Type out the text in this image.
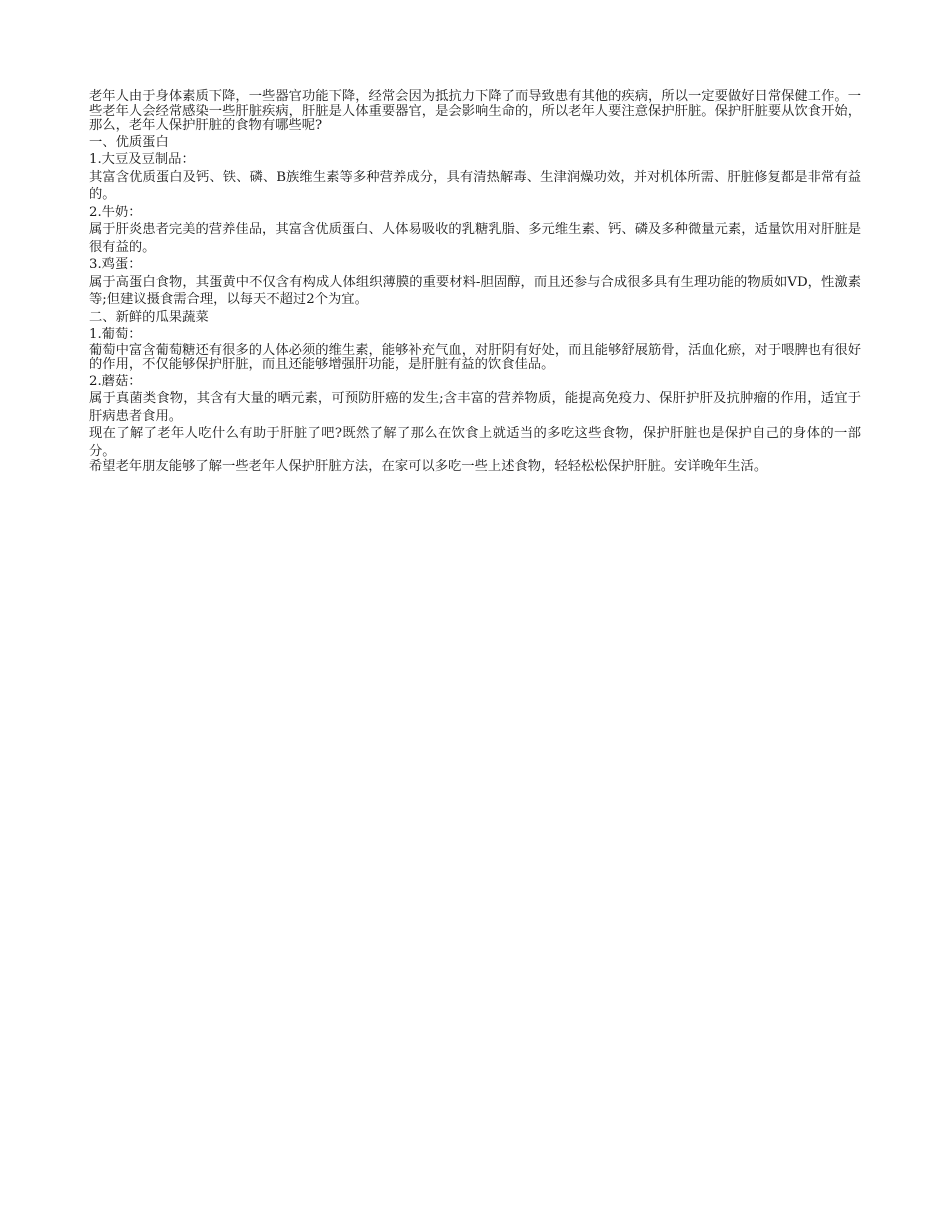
老年人由于身体素质下降，一些器官功能下降，经常会因为抵抗力下降了而导致患有其他的疾病，所以一定要做好日常保健工作。一些老年人会经常感染一些肝脏疾病，肝脏是人体重要器官，是会影响生命的，所以老年人要注意保护肝脏。保护肝脏要从饮食开始，那么，老年人保护肝脏的食物有哪些呢?

一、优质蛋白

1.大豆及豆制品：

其富含优质蛋白及钙、铁、磷、B族维生素等多种营养成分，具有清热解毒、生津润燥功效，并对机体所需、肝脏修复都是非常有益的。

2.牛奶：

属于肝炎患者完美的营养佳品，其富含优质蛋白、人体易吸收的乳糖乳脂、多元维生素、钙、磷及多种微量元素，适量饮用对肝脏是很有益的。

3.鸡蛋：

属于高蛋白食物，其蛋黄中不仅含有构成人体组织薄膜的重要材料-胆固醇，而且还参与合成很多具有生理功能的物质如VD，性激素等;但建议摄食需合理，以每天不超过2个为宜。

二、新鲜的瓜果蔬菜

1.葡萄：

葡萄中富含葡萄糖还有很多的人体必须的维生素，能够补充气血，对肝阴有好处，而且能够舒展筋骨，活血化瘀，对于喂脾也有很好的作用，不仅能够保护肝脏，而且还能够增强肝功能，是肝脏有益的饮食佳品。

2.蘑菇：

属于真菌类食物，其含有大量的晒元素，可预防肝癌的发生;含丰富的营养物质，能提高免疫力、保肝护肝及抗肿瘤的作用，适宜于肝病患者食用。

现在了解了老年人吃什么有助于肝脏了吧?既然了解了那么在饮食上就适当的多吃这些食物，保护肝脏也是保护自己的身体的一部分。

希望老年朋友能够了解一些老年人保护肝脏方法，在家可以多吃一些上述食物，轻轻松松保护肝脏。安详晚年生活。
